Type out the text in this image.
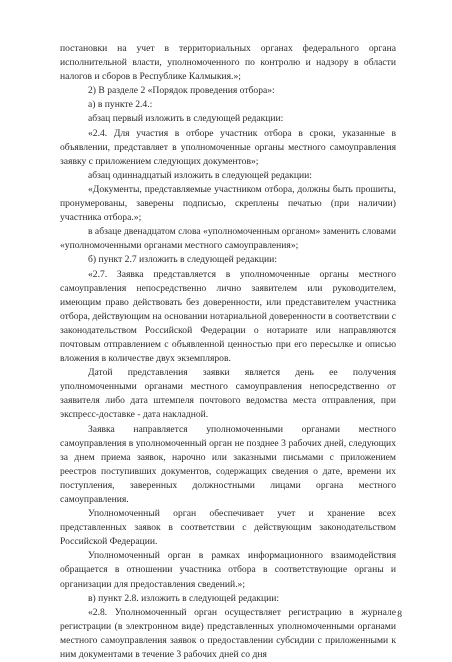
постановки на учет в территориальных органах федерального органа исполнительной власти, уполномоченного по контролю и надзору в области налогов и сборов в Республике Калмыкия.»;

2) В разделе 2 «Порядок проведения отбора»:

а) в пункте 2.4.:

абзац первый изложить в следующей редакции:

«2.4. Для участия в отборе участник отбора в сроки, указанные в объявлении, представляет в уполномоченные органы местного самоуправления заявку с приложением следующих документов»;

абзац одиннадцатый изложить в следующей редакции:

«Документы, представляемые участником отбора, должны быть прошиты, пронумерованы, заверены подписью, скреплены печатью (при наличии) участника отбора.»;

в абзаце двенадцатом слова «уполномоченным органом» заменить словами «уполномоченными органами местного самоуправления»;

б) пункт 2.7 изложить в следующей редакции:

«2.7. Заявка представляется в уполномоченные органы местного самоуправления непосредственно лично заявителем или руководителем, имеющим право действовать без доверенности, или представителем участника отбора, действующим на основании нотариальной доверенности в соответствии с законодательством Российской Федерации о нотариате или направляются почтовым отправлением с объявленной ценностью при его пересылке и описью вложения в количестве двух экземпляров.

Датой представления заявки является день ее получения уполномоченными органами местного самоуправления непосредственно от заявителя либо дата штемпеля почтового ведомства места отправления, при экспресс-доставке - дата накладной.

Заявка направляется уполномоченными органами местного самоуправления в уполномоченный орган не позднее 3 рабочих дней, следующих за днем приема заявок, нарочно или заказными письмами с приложением реестров поступивших документов, содержащих сведения о дате, времени их поступления, заверенных должностными лицами органа местного самоуправления.

Уполномоченный орган обеспечивает учет и хранение всех представленных заявок в соответствии с действующим законодательством Российской Федерации.

Уполномоченный орган в рамках информационного взаимодействия обращается в отношении участника отбора в соответствующие органы и организации для предоставления сведений.»;

в) пункт 2.8. изложить в следующей редакции:

«2.8. Уполномоченный орган осуществляет регистрацию в журнале регистрации (в электронном виде) представленных уполномоченными органами местного самоуправления заявок о предоставлении субсидии с приложенными к ним документами в течение 3 рабочих дней со дня

8
